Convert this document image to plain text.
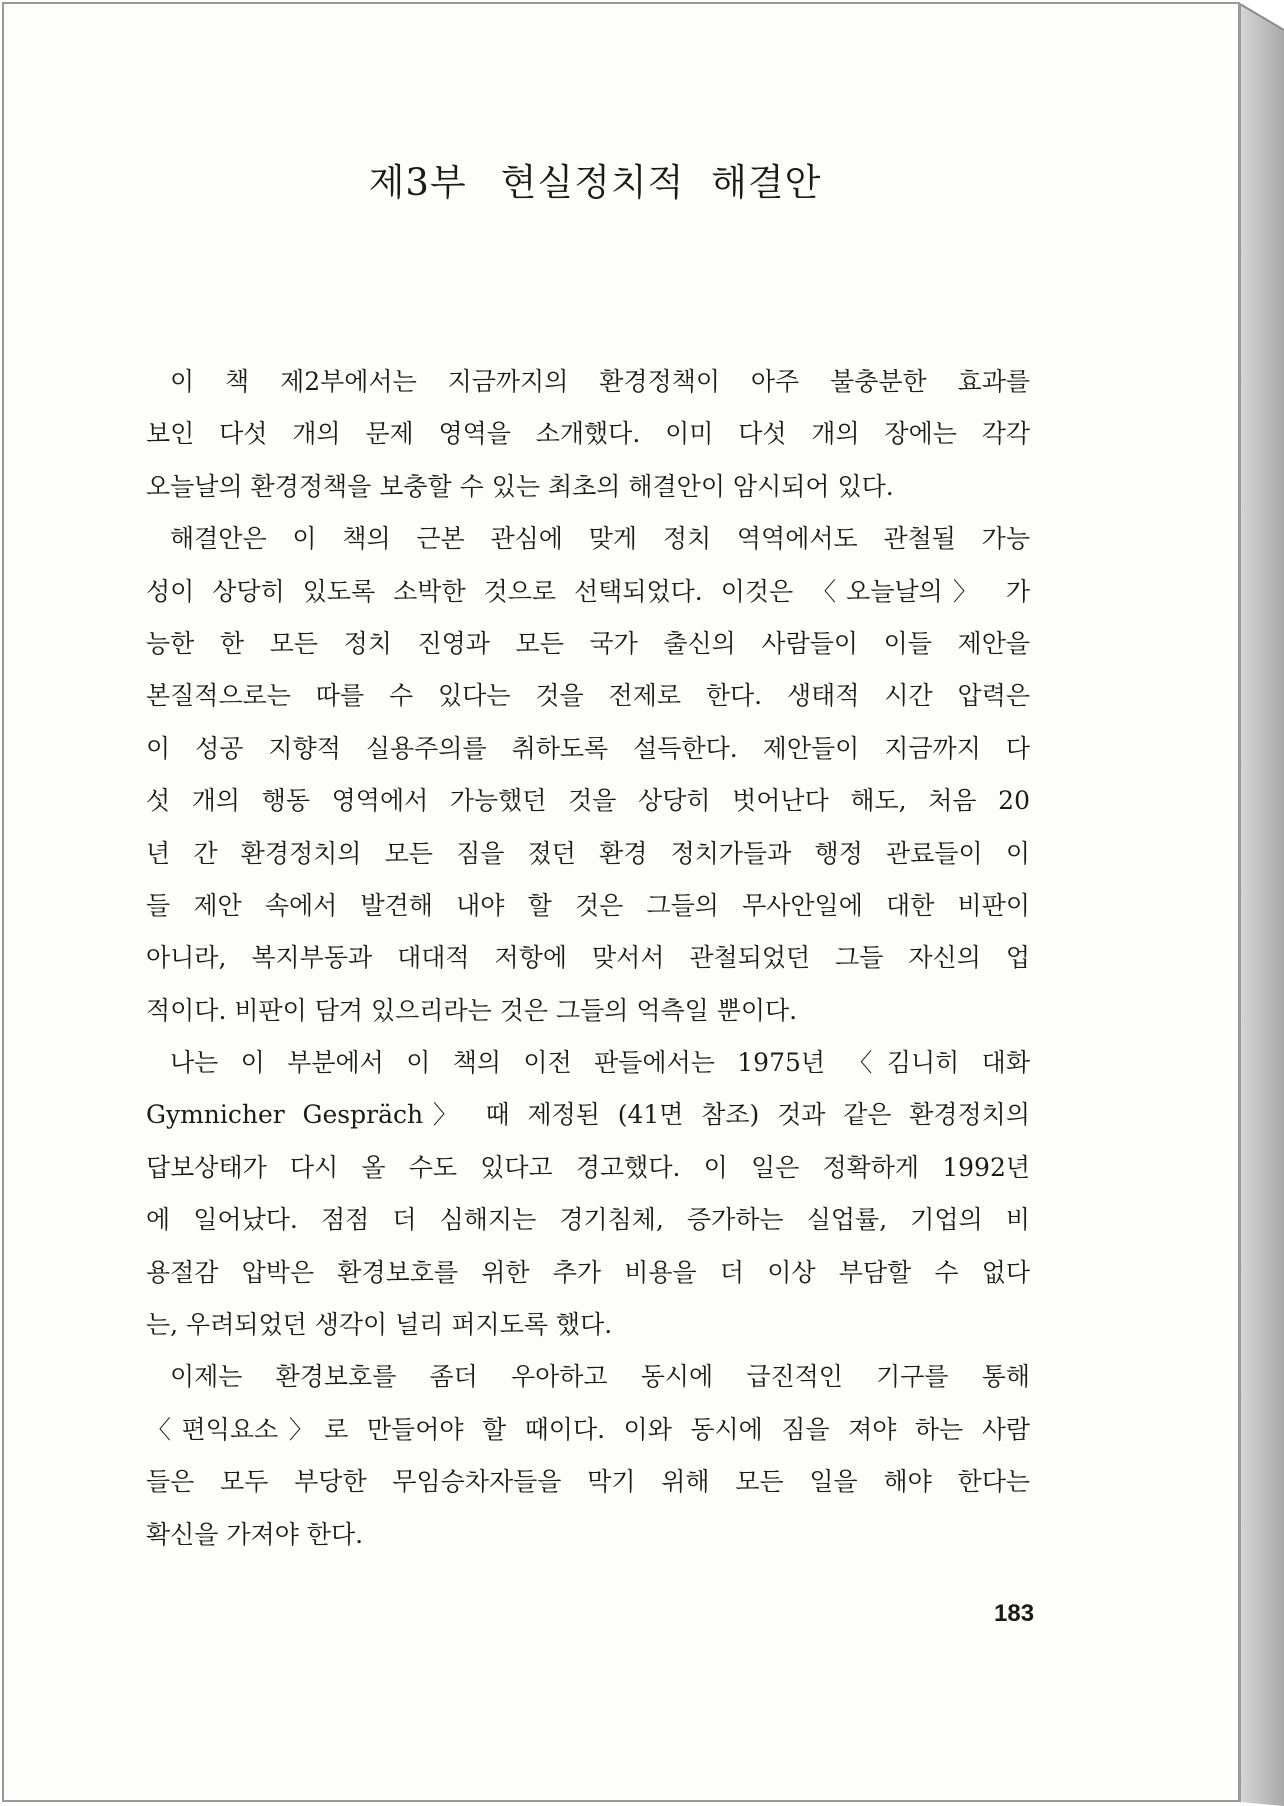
제3부 현실정치적 해결안
이 책 제2부에서는 지금까지의 환경정책이 아주 불충분한 효과를
보인 다섯 개의 문제 영역을 소개했다. 이미 다섯 개의 장에는 각각
오늘날의 환경정책을 보충할 수 있는 최초의 해결안이 암시되어 있다.
해결안은 이 책의 근본 관심에 맞게 정치 역역에서도 관철될 가능
성이 상당히 있도록 소박한 것으로 선택되었다. 이것은 〈오늘날의〉 가
능한 한 모든 정치 진영과 모든 국가 출신의 사람들이 이들 제안을
본질적으로는 따를 수 있다는 것을 전제로 한다. 생태적 시간 압력은
이 성공 지향적 실용주의를 취하도록 설득한다. 제안들이 지금까지 다
섯 개의 행동 영역에서 가능했던 것을 상당히 벗어난다 해도, 처음 20
년 간 환경정치의 모든 짐을 졌던 환경 정치가들과 행정 관료들이 이
들 제안 속에서 발견해 내야 할 것은 그들의 무사안일에 대한 비판이
아니라, 복지부동과 대대적 저항에 맞서서 관철되었던 그들 자신의 업
적이다. 비판이 담겨 있으리라는 것은 그들의 억측일 뿐이다.
나는 이 부분에서 이 책의 이전 판들에서는 1975년 〈김니히 대화
Gymnicher Gespräch〉 때 제정된 (41면 참조) 것과 같은 환경정치의
답보상태가 다시 올 수도 있다고 경고했다. 이 일은 정확하게 1992년
에 일어났다. 점점 더 심해지는 경기침체, 증가하는 실업률, 기업의 비
용절감 압박은 환경보호를 위한 추가 비용을 더 이상 부담할 수 없다
는, 우려되었던 생각이 널리 퍼지도록 했다.
이제는 환경보호를 좀더 우아하고 동시에 급진적인 기구를 통해
〈편익요소〉로 만들어야 할 때이다. 이와 동시에 짐을 져야 하는 사람
들은 모두 부당한 무임승차자들을 막기 위해 모든 일을 해야 한다는
확신을 가져야 한다.
183
